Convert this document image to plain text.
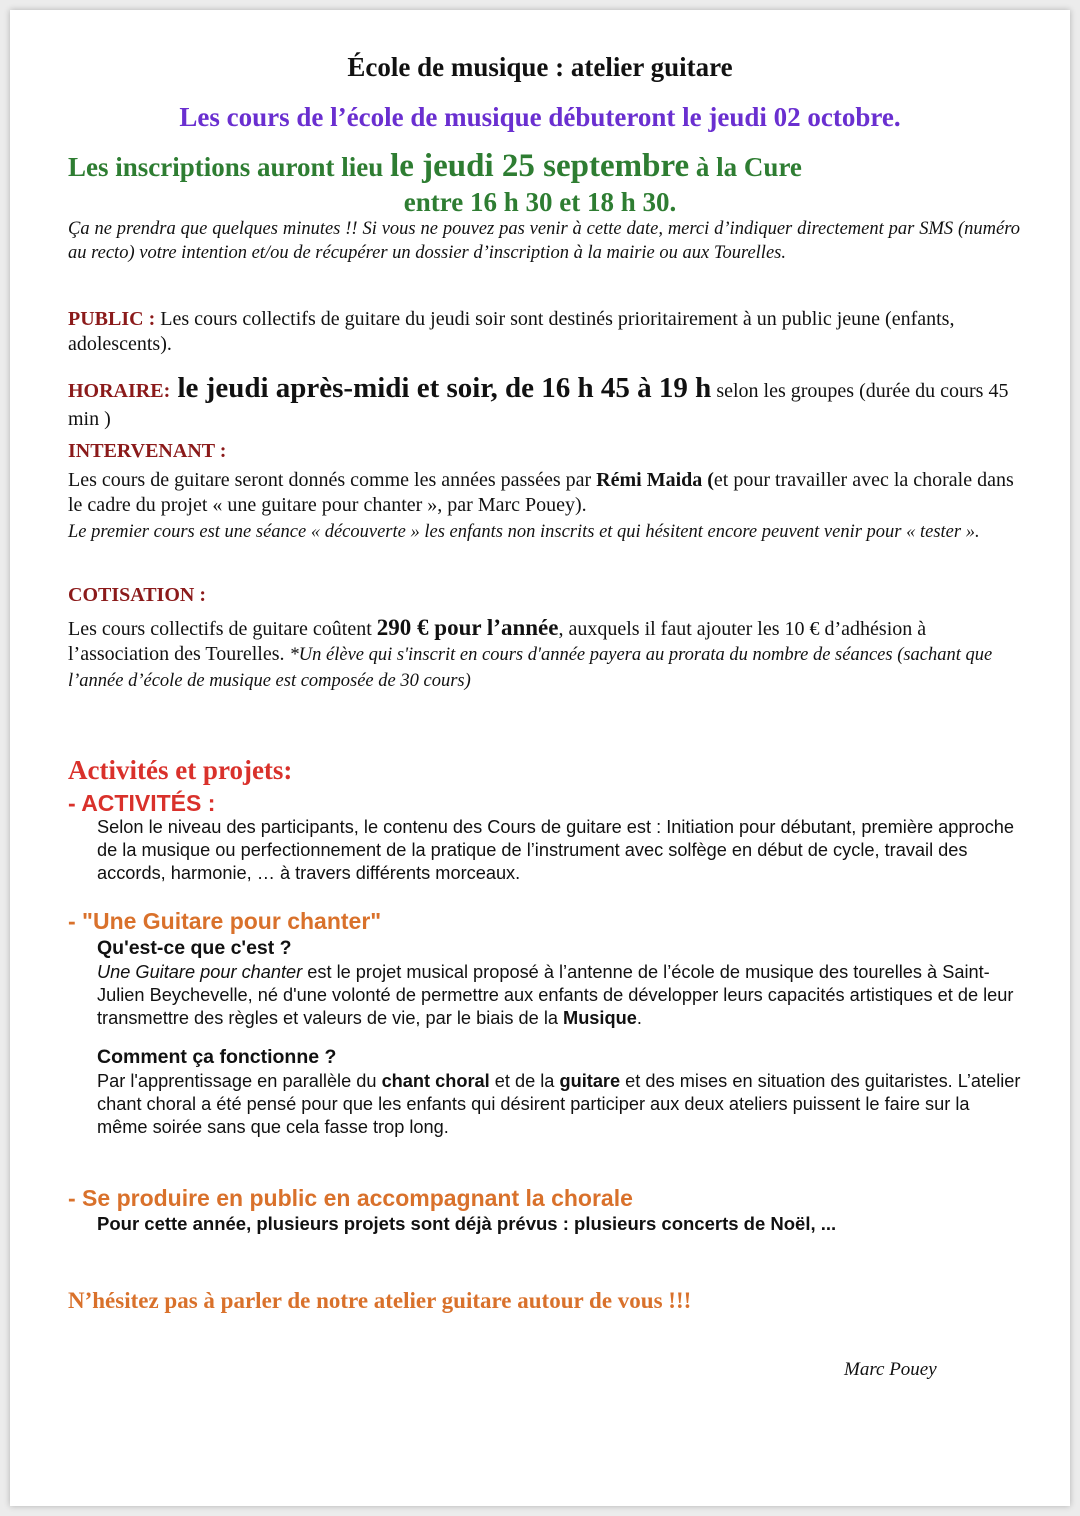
École de musique : atelier guitare
Les cours de l’école de musique débuteront le jeudi 02 octobre.
Les inscriptions auront lieu le jeudi 25 septembre à la Cure
entre 16 h 30 et 18 h 30.
Ça ne prendra que quelques minutes !! Si vous ne pouvez pas venir à cette date, merci d’indiquer directement par SMS (numéro au recto) votre intention et/ou de récupérer un dossier d’inscription à la mairie ou aux Tourelles.
PUBLIC : Les cours collectifs de guitare du jeudi soir sont destinés prioritairement à un public jeune (enfants, adolescents).
HORAIRE: le jeudi après-midi et soir, de 16 h 45 à 19 h selon les groupes (durée du cours 45 min )
INTERVENANT :
Les cours de guitare seront donnés comme les années passées par Rémi Maida (et pour travailler avec la chorale dans le cadre du projet « une guitare pour chanter », par Marc Pouey).
Le premier cours est une séance « découverte » les enfants non inscrits et qui hésitent encore peuvent venir pour « tester ».
COTISATION :
Les cours collectifs de guitare coûtent 290 € pour l’année, auxquels il faut ajouter les 10 € d’adhésion à l’association des Tourelles. *Un élève qui s'inscrit en cours d'année payera au prorata du nombre de séances (sachant que l’année d’école de musique est composée de 30 cours)
Activités et projets:
- ACTIVITÉS :
Selon le niveau des participants, le contenu des Cours de guitare est : Initiation pour débutant, première approche de la musique ou perfectionnement de la pratique de l’instrument avec solfège en début de cycle, travail des accords, harmonie, … à travers différents morceaux.
- "Une Guitare pour chanter"
Qu'est-ce que c'est ?
Une Guitare pour chanter est le projet musical proposé à l’antenne de l’école de musique des tourelles à Saint-Julien Beychevelle, né d'une volonté de permettre aux enfants de développer leurs capacités artistiques et de leur transmettre des règles et valeurs de vie, par le biais de la Musique.
Comment ça fonctionne ?
Par l'apprentissage en parallèle du chant choral et de la guitare et des mises en situation des guitaristes. L’atelier chant choral a été pensé pour que les enfants qui désirent participer aux deux ateliers puissent le faire sur la même soirée sans que cela fasse trop long.
- Se produire en public en accompagnant la chorale
Pour cette année, plusieurs projets sont déjà prévus : plusieurs concerts de Noël, ...
N’hésitez pas à parler de notre atelier guitare autour de vous !!!
Marc Pouey
